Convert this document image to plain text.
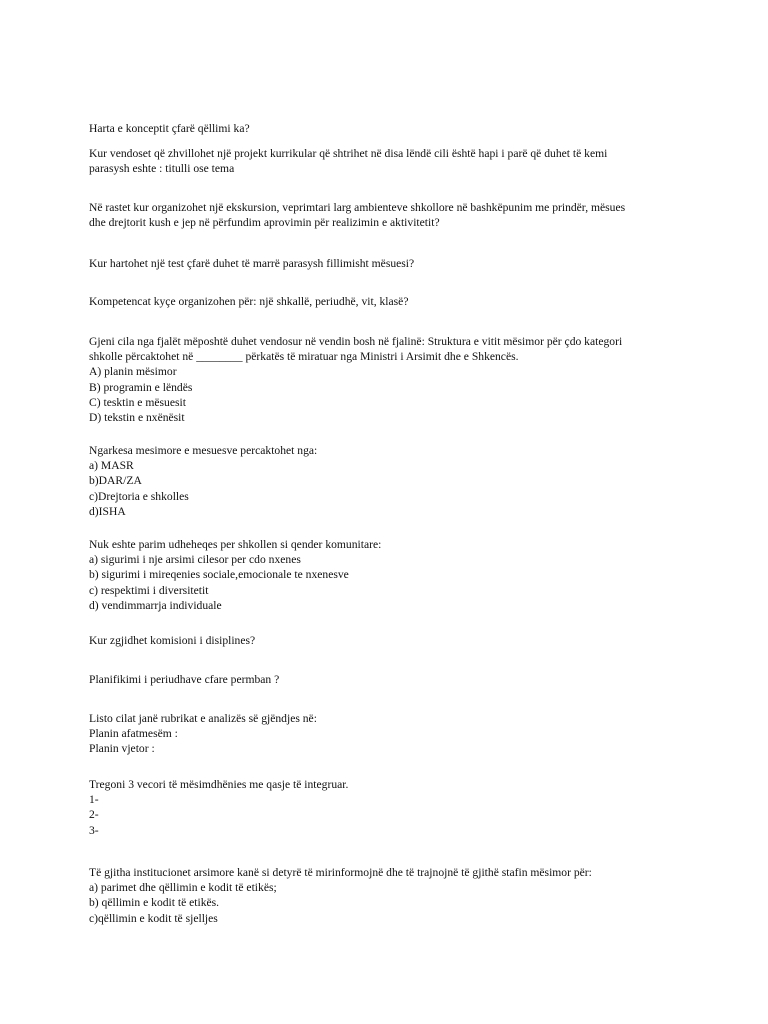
Harta e konceptit çfarë qëllimi ka?
Kur vendoset që zhvillohet një projekt kurrikular që shtrihet në disa lëndë cili është hapi i parë që duhet të kemi
parasysh eshte : titulli ose tema
Në rastet kur organizohet një ekskursion, veprimtari larg ambienteve shkollore në bashkëpunim me prindër, mësues
dhe drejtorit kush e jep në përfundim aprovimin për realizimin e aktivitetit?
Kur hartohet një test çfarë duhet të marrë parasysh fillimisht mësuesi?
Kompetencat kyçe organizohen për: një shkallë, periudhë, vit, klasë?
Gjeni cila nga fjalët mëposhtë duhet vendosur në vendin bosh në fjalinë: Struktura e vitit mësimor për çdo kategori
shkolle përcaktohet në ________ përkatës të miratuar nga Ministri i Arsimit dhe e Shkencës.
A) planin mësimor
B) programin e lëndës
C) tesktin e mësuesit
D) tekstin e nxënësit
Ngarkesa mesimore e mesuesve percaktohet nga:
a) MASR
b)DAR/ZA
c)Drejtoria e shkolles
d)ISHA
Nuk eshte parim udheheqes per shkollen si qender komunitare:
a) sigurimi i nje arsimi cilesor per cdo nxenes
b) sigurimi i mireqenies sociale,emocionale te nxenesve
c) respektimi i diversitetit
d) vendimmarrja individuale
Kur zgjidhet komisioni i disiplines?
Planifikimi i periudhave cfare permban ?
Listo cilat janë rubrikat e analizës së gjëndjes në:
Planin afatmesëm :
Planin vjetor :
Tregoni 3 vecori të mësimdhënies me qasje të integruar.
1-
2-
3-
Të gjitha institucionet arsimore kanë si detyrë të mirinformojnë dhe të trajnojnë të gjithë stafin mësimor për:
a) parimet dhe qëllimin e kodit të etikës;
b) qëllimin e kodit të etikës.
c)qëllimin e kodit të sjelljes
